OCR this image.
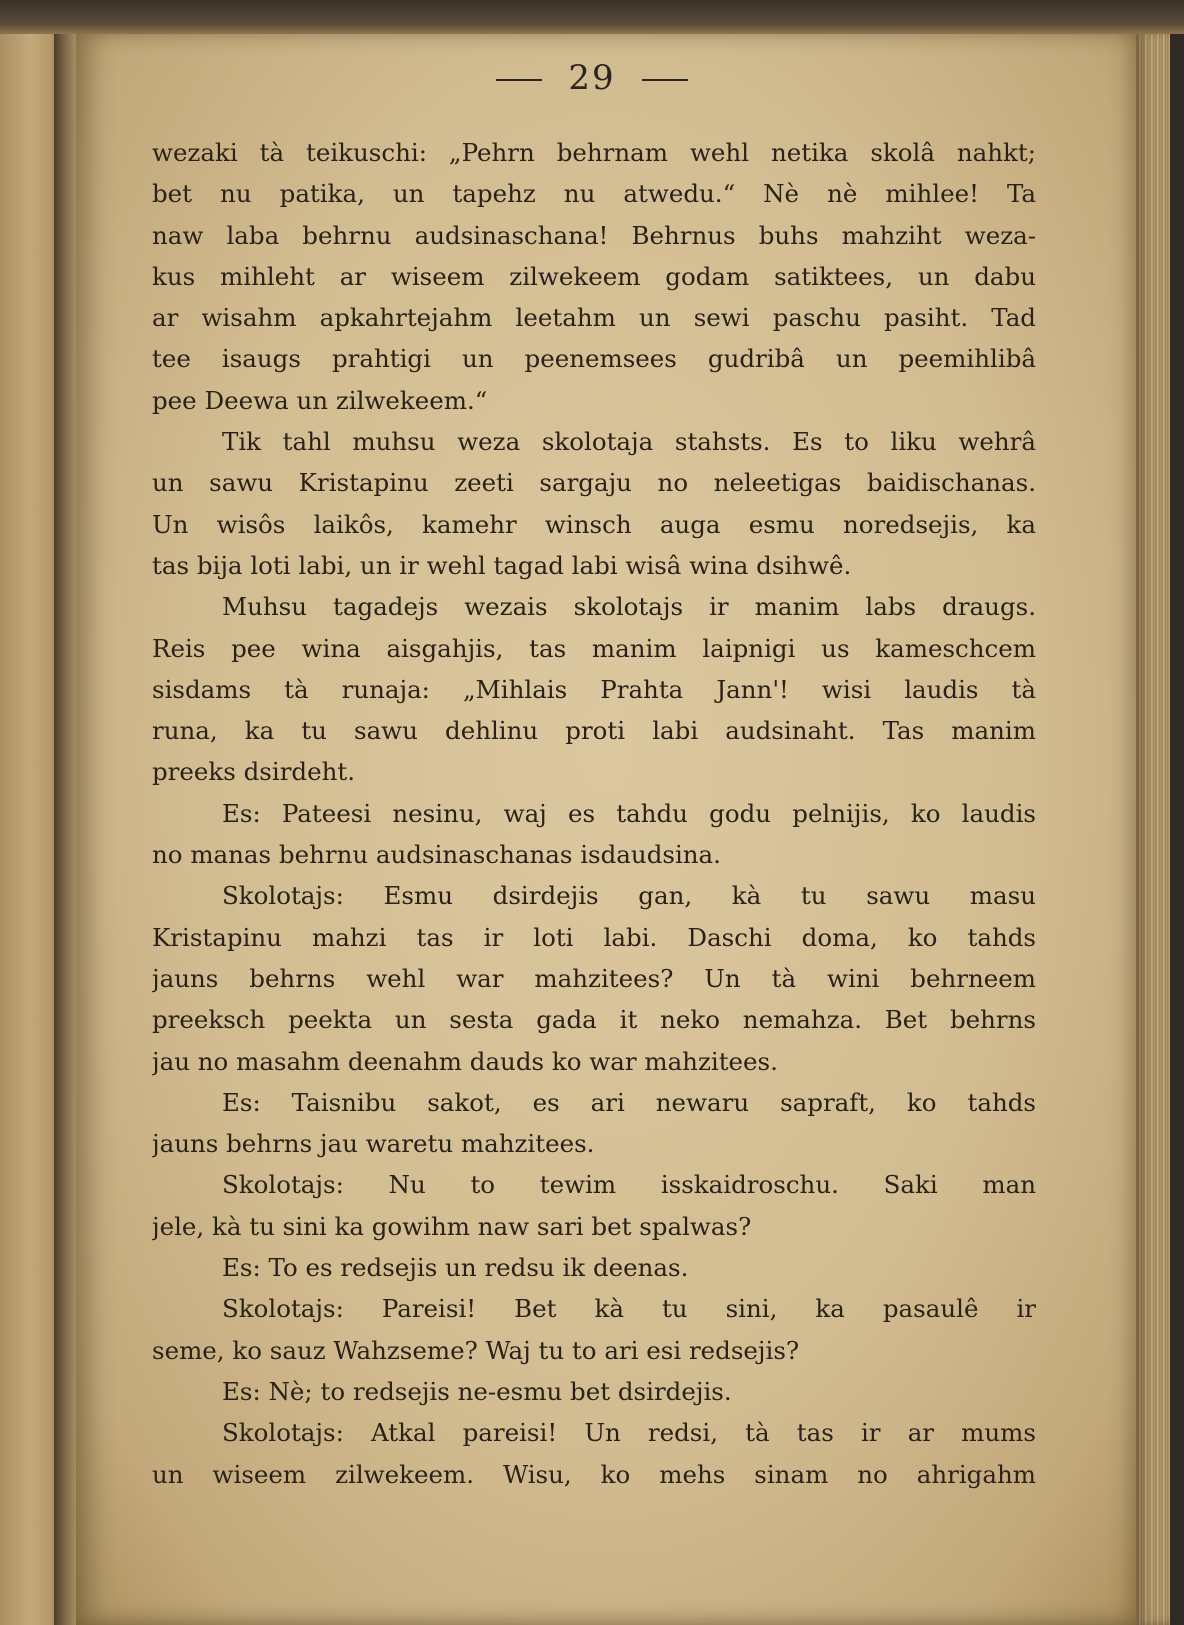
29
wezaki tà teikuschi: „Pehrn behrnam wehl netika skolâ nahkt;
bet nu patika, un tapehz nu atwedu.“ Nè nè mihlee! Ta
naw laba behrnu audsinaschana! Behrnus buhs mahziht weza-
kus mihleht ar wiseem zilwekeem godam satiktees, un dabu
ar wisahm apkahrtejahm leetahm un sewi paschu pasiht. Tad
tee isaugs prahtigi un peenemsees gudribâ un peemihlibâ
pee Deewa un zilwekeem.“
Tik tahl muhsu weza skolotaja stahsts. Es to liku wehrâ
un sawu Kristapinu zeeti sargaju no neleetigas baidischanas.
Un wisôs laikôs, kamehr winsch auga esmu noredsejis, ka
tas bija loti labi, un ir wehl tagad labi wisâ wina dsihwê.
Muhsu tagadejs wezais skolotajs ir manim labs draugs.
Reis pee wina aisgahjis, tas manim laipnigi us kameschcem
sisdams tà runaja: „Mihlais Prahta Jann'! wisi laudis tà
runa, ka tu sawu dehlinu proti labi audsinaht. Tas manim
preeks dsirdeht.
Es: Pateesi nesinu, waj es tahdu godu pelnijis, ko laudis
no manas behrnu audsinaschanas isdaudsina.
Skolotajs: Esmu dsirdejis gan, kà tu sawu masu
Kristapinu mahzi tas ir loti labi. Daschi doma, ko tahds
jauns behrns wehl war mahzitees? Un tà wini behrneem
preeksch peekta un sesta gada it neko nemahza. Bet behrns
jau no masahm deenahm dauds ko war mahzitees.
Es: Taisnibu sakot, es ari newaru sapraft, ko tahds
jauns behrns jau waretu mahzitees.
Skolotajs: Nu to tewim isskaidroschu. Saki man
jele, kà tu sini ka gowihm naw sari bet spalwas?
Es: To es redsejis un redsu ik deenas.
Skolotajs: Pareisi! Bet kà tu sini, ka pasaulê ir
seme, ko sauz Wahzseme? Waj tu to ari esi redsejis?
Es: Nè; to redsejis ne-esmu bet dsirdejis.
Skolotajs: Atkal pareisi! Un redsi, tà tas ir ar mums
un wiseem zilwekeem. Wisu, ko mehs sinam no ahrigahm
